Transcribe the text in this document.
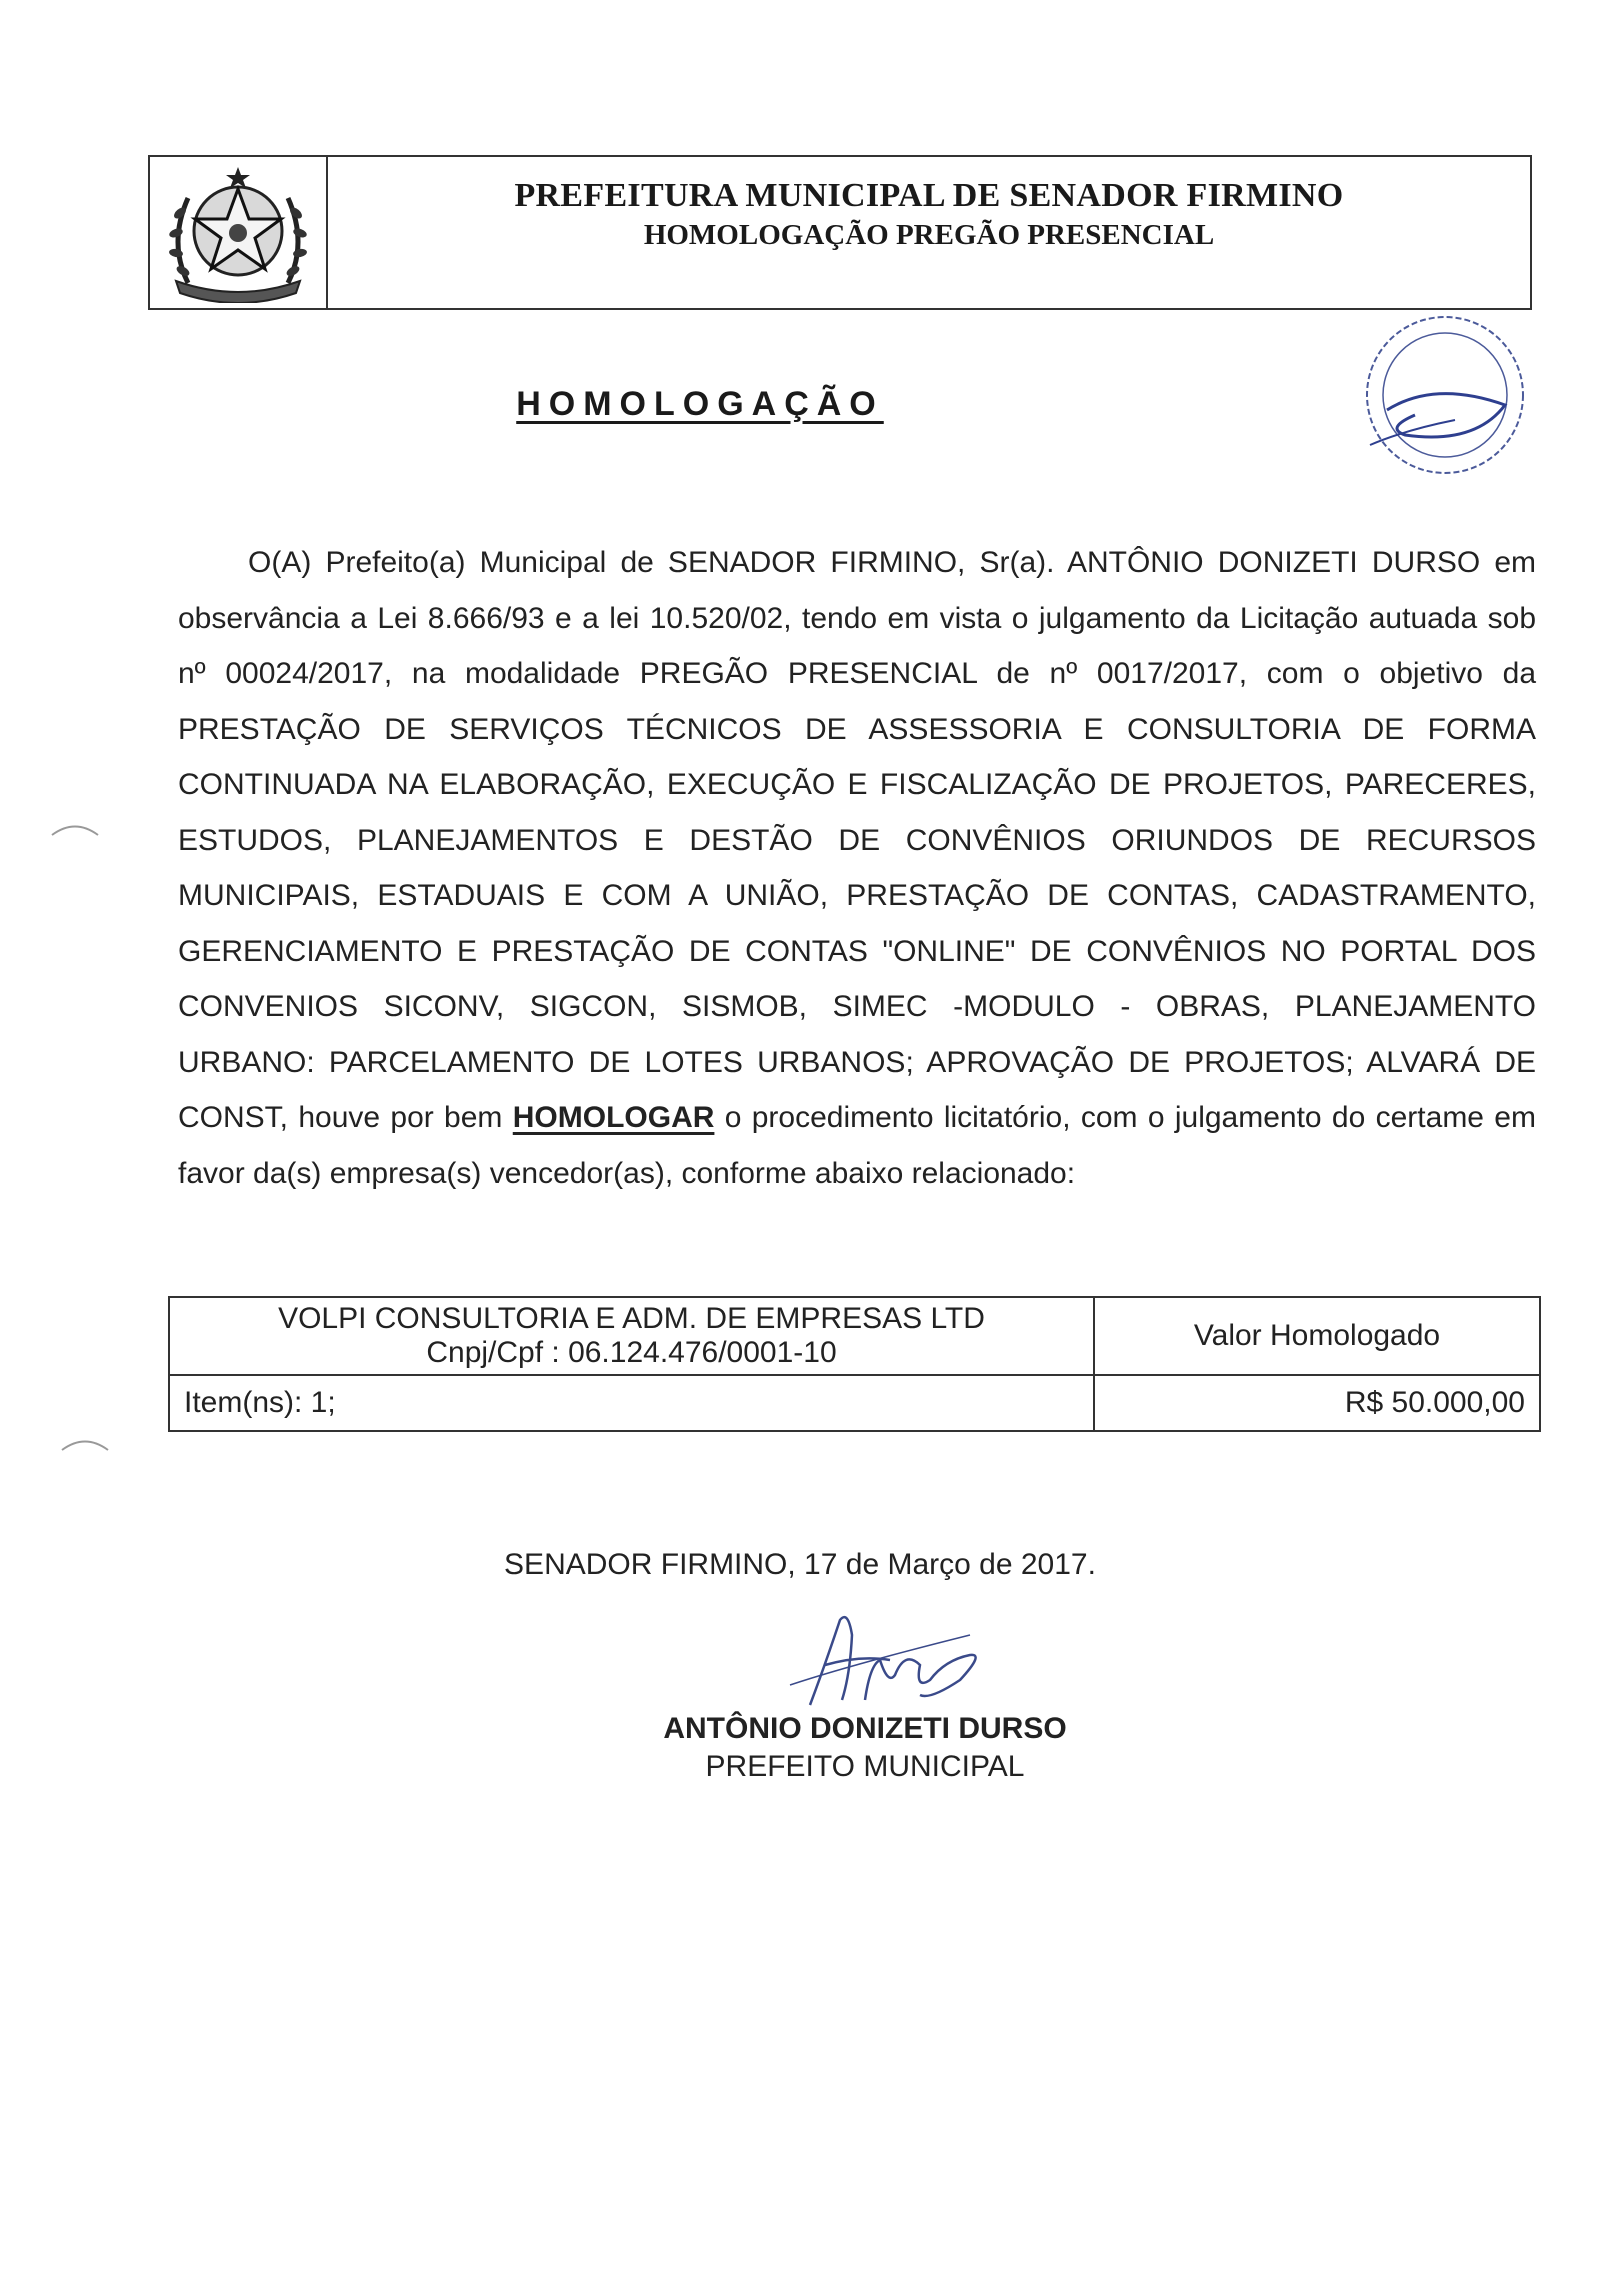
PREFEITURA MUNICIPAL DE SENADOR FIRMINO
HOMOLOGAÇÃO PREGÃO PRESENCIAL
HOMOLOGAÇÃO
O(A) Prefeito(a) Municipal de SENADOR FIRMINO, Sr(a). ANTÔNIO DONIZETI DURSO em observância a Lei 8.666/93 e a lei 10.520/02, tendo em vista o julgamento da Licitação autuada sob nº 00024/2017, na modalidade PREGÃO PRESENCIAL de nº 0017/2017, com o objetivo da PRESTAÇÃO DE SERVIÇOS TÉCNICOS DE ASSESSORIA E CONSULTORIA DE FORMA CONTINUADA NA ELABORAÇÃO, EXECUÇÃO E FISCALIZAÇÃO DE PROJETOS, PARECERES, ESTUDOS, PLANEJAMENTOS E DESTÃO DE CONVÊNIOS ORIUNDOS DE RECURSOS MUNICIPAIS, ESTADUAIS E COM A UNIÃO, PRESTAÇÃO DE CONTAS, CADASTRAMENTO, GERENCIAMENTO E PRESTAÇÃO DE CONTAS "ONLINE" DE CONVÊNIOS NO PORTAL DOS CONVENIOS SICONV, SIGCON, SISMOB, SIMEC -MODULO - OBRAS, PLANEJAMENTO URBANO: PARCELAMENTO DE LOTES URBANOS; APROVAÇÃO DE PROJETOS; ALVARÁ DE CONST, houve por bem HOMOLOGAR o procedimento licitatório, com o julgamento do certame em favor da(s) empresa(s) vencedor(as), conforme abaixo relacionado:
VOLPI CONSULTORIA E ADM. DE EMPRESAS LTD
Cnpj/Cpf : 06.124.476/0001-10	Valor Homologado
Item(ns): 1;	R$ 50.000,00
SENADOR FIRMINO, 17 de Março de 2017.
ANTÔNIO DONIZETI DURSO
PREFEITO MUNICIPAL
